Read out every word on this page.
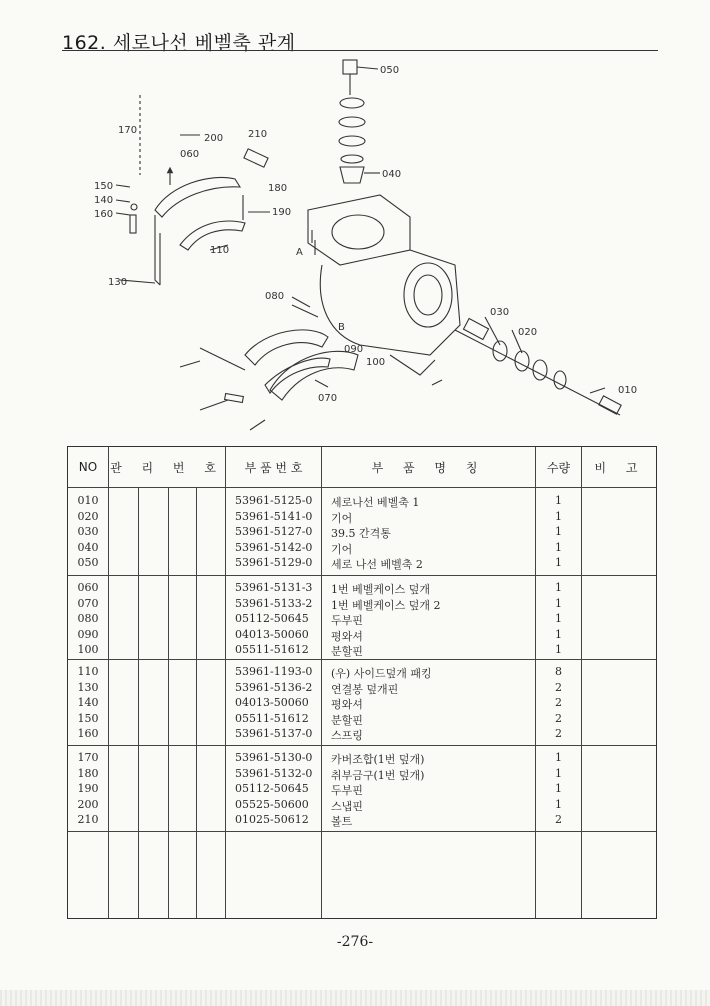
162. 세로나선 베벨축 관계
050
040
060
180
200 210
170
150
140
160
110
190
130
080
030
020
010
090
100
070
A
B
NO	관 리 번 호	부 품 번 호	부 품 명 칭	수량	비 고
010	53961-5125-0	세로나선 베벨축 1	1
020	53961-5141-0	기어	1
030	53961-5127-0	39.5 간격통	1
040	53961-5142-0	기어	1
050	53961-5129-0	세로 나선 베벨축 2	1
060	53961-5131-3	1번 베벨케이스 덮개	1
070	53961-5133-2	1번 베벨케이스 덮개 2	1
080	05112-50645	두부핀	1
090	04013-50060	평와셔	1
100	05511-51612	분할핀	1
110	53961-1193-0	(우) 사이드덮개 패킹	8
130	53961-5136-2	연결봉 덮개핀	2
140	04013-50060	평와셔	2
150	05511-51612	분할핀	2
160	53961-5137-0	스프링	2
170	53961-5130-0	카버조합(1번 덮개)	1
180	53961-5132-0	취부금구(1번 덮개)	1
190	05112-50645	두부핀	1
200	05525-50600	스냅핀	1
210	01025-50612	볼트	2
-276-
